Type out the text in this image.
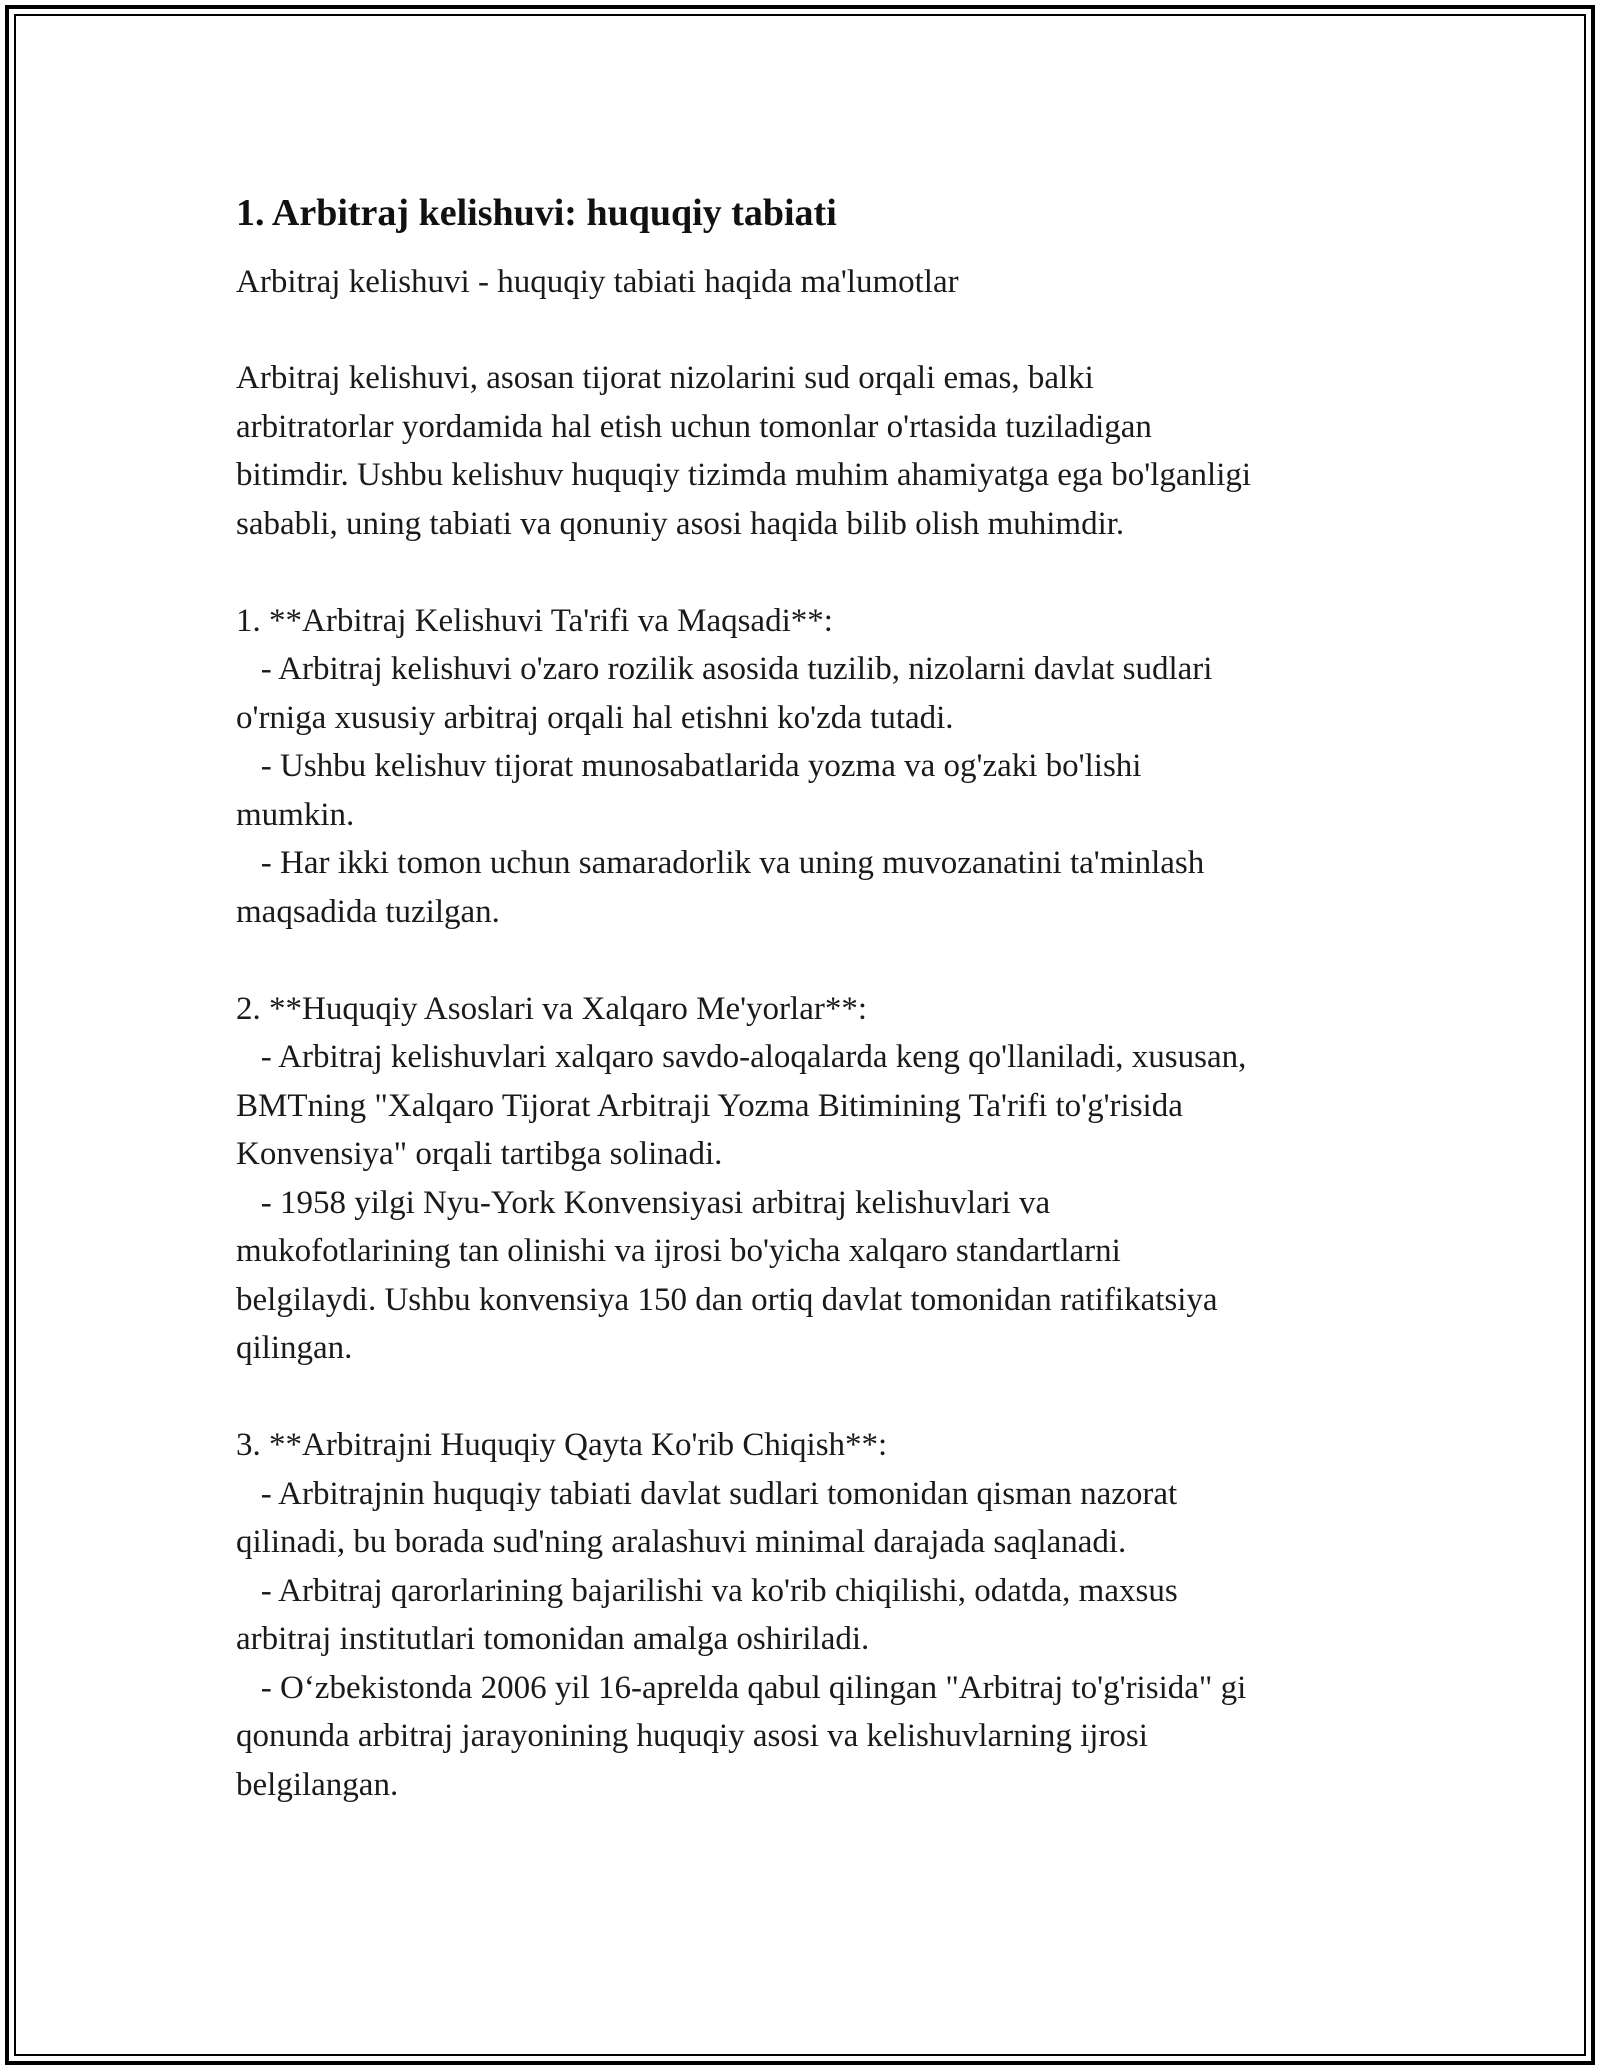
1. Arbitraj kelishuvi: huquqiy tabiati

Arbitraj kelishuvi - huquqiy tabiati haqida ma'lumotlar

Arbitraj kelishuvi, asosan tijorat nizolarini sud orqali emas, balki
arbitratorlar yordamida hal etish uchun tomonlar o'rtasida tuziladigan
bitimdir. Ushbu kelishuv huquqiy tizimda muhim ahamiyatga ega bo'lganligi
sababli, uning tabiati va qonuniy asosi haqida bilib olish muhimdir.

1. **Arbitraj Kelishuvi Ta'rifi va Maqsadi**:
- Arbitraj kelishuvi o'zaro rozilik asosida tuzilib, nizolarni davlat sudlari
o'rniga xususiy arbitraj orqali hal etishni ko'zda tutadi.
- Ushbu kelishuv tijorat munosabatlarida yozma va og'zaki bo'lishi
mumkin.
- Har ikki tomon uchun samaradorlik va uning muvozanatini ta'minlash
maqsadida tuzilgan.

2. **Huquqiy Asoslari va Xalqaro Me'yorlar**:
- Arbitraj kelishuvlari xalqaro savdo-aloqalarda keng qo'llaniladi, xususan,
BMTning "Xalqaro Tijorat Arbitraji Yozma Bitimining Ta'rifi to'g'risida
Konvensiya" orqali tartibga solinadi.
- 1958 yilgi Nyu-York Konvensiyasi arbitraj kelishuvlari va
mukofotlarining tan olinishi va ijrosi bo'yicha xalqaro standartlarni
belgilaydi. Ushbu konvensiya 150 dan ortiq davlat tomonidan ratifikatsiya
qilingan.

3. **Arbitrajni Huquqiy Qayta Ko'rib Chiqish**:
- Arbitrajnin huquqiy tabiati davlat sudlari tomonidan qisman nazorat
qilinadi, bu borada sud'ning aralashuvi minimal darajada saqlanadi.
- Arbitraj qarorlarining bajarilishi va ko'rib chiqilishi, odatda, maxsus
arbitraj institutlari tomonidan amalga oshiriladi.
- O‘zbekistonda 2006 yil 16-aprelda qabul qilingan "Arbitraj to'g'risida" gi
qonunda arbitraj jarayonining huquqiy asosi va kelishuvlarning ijrosi
belgilangan.
